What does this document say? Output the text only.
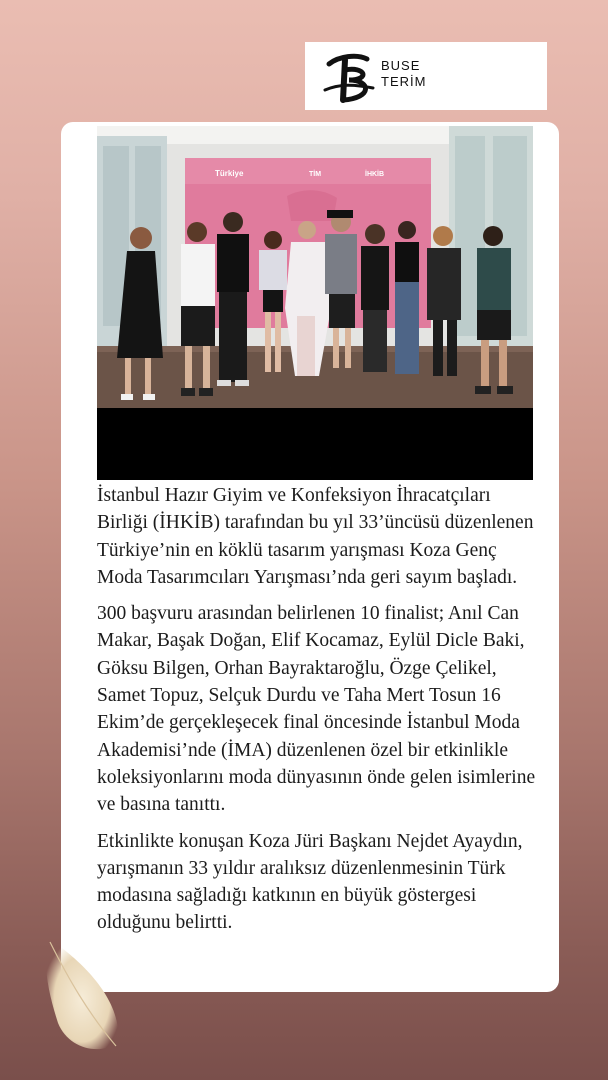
BUSE
TERİM
Türkiye	TİM	İHKİB

İstanbul Hazır Giyim ve Konfeksiyon İhracatçıları Birliği (İHKİB) tarafından bu yıl 33’üncüsü düzenlenen Türkiye’nin en köklü tasarım yarışması Koza Genç Moda Tasarımcıları Yarışması’nda geri sayım başladı.

300 başvuru arasından belirlenen 10 finalist; Anıl Can Makar, Başak Doğan, Elif Kocamaz, Eylül Dicle Baki, Göksu Bilgen, Orhan Bayraktaroğlu, Özge Çelikel, Samet Topuz, Selçuk Durdu ve Taha Mert Tosun 16 Ekim’de gerçekleşecek final öncesinde İstanbul Moda Akademisi’nde (İMA) düzenlenen özel bir etkinlikle koleksiyonlarını moda dünyasının önde gelen isimlerine ve basına tanıttı.

Etkinlikte konuşan Koza Jüri Başkanı Nejdet Ayaydın, yarışmanın 33 yıldır aralıksız düzenlenmesinin Türk modasına sağladığı katkının en büyük göstergesi olduğunu belirtti.
